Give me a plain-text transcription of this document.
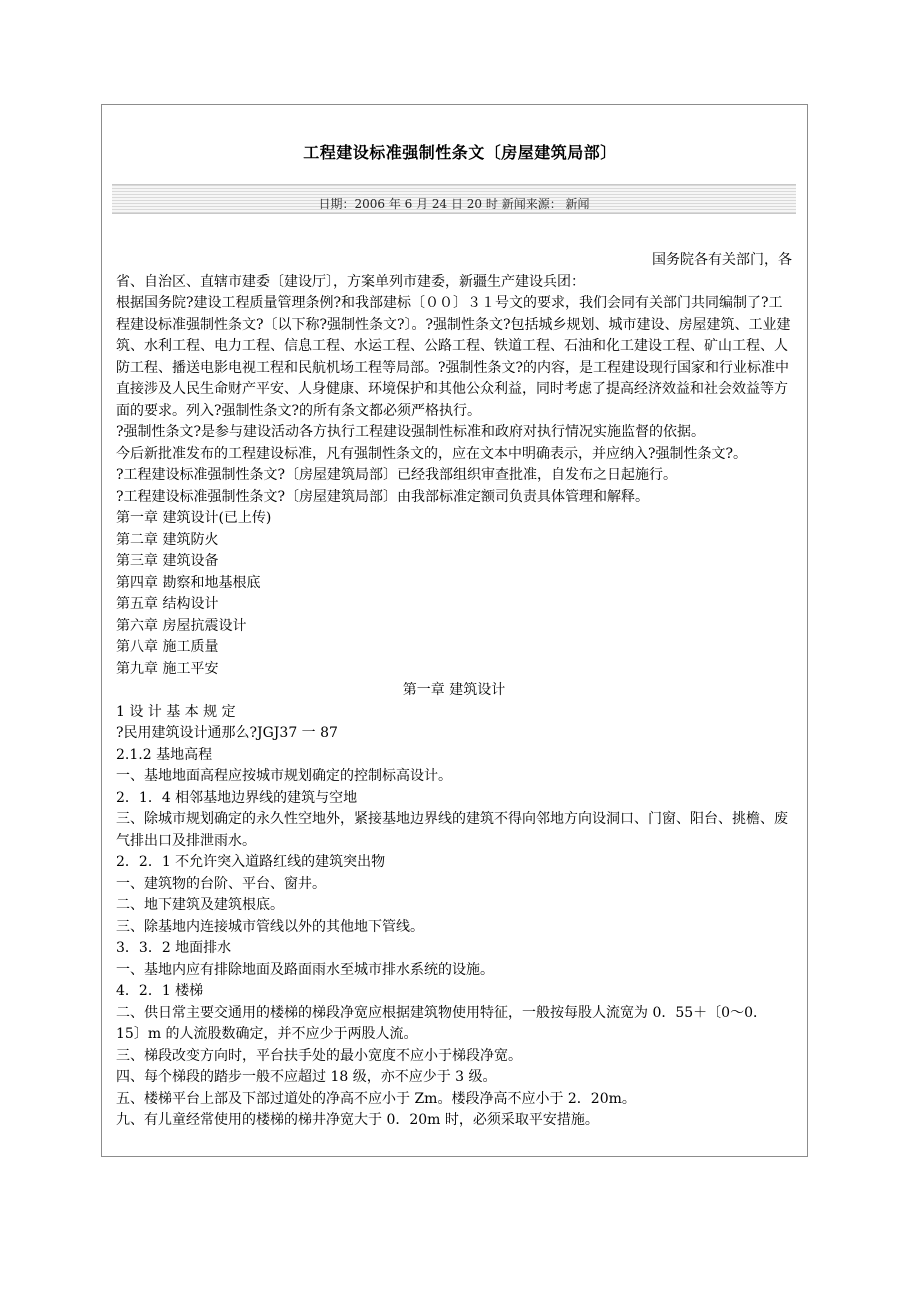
工程建设标准强制性条文〔房屋建筑局部〕
日期：2006 年 6 月 24 日 20 时 新闻来源： 新闻

国务院各有关部门，各

省、自治区、直辖市建委〔建设厅〕，方案单列市建委，新疆生产建设兵团：

根据国务院?建设工程质量管理条例?和我部建标〔００〕３１号文的要求，我们会同有关部门共同编制了?工程建设标准强制性条文?〔以下称?强制性条文?〕。?强制性条文?包括城乡规划、城市建设、房屋建筑、工业建筑、水利工程、电力工程、信息工程、水运工程、公路工程、铁道工程、石油和化工建设工程、矿山工程、人防工程、播送电影电视工程和民航机场工程等局部。?强制性条文?的内容，是工程建设现行国家和行业标准中直接涉及人民生命财产平安、人身健康、环境保护和其他公众利益，同时考虑了提高经济效益和社会效益等方面的要求。列入?强制性条文?的所有条文都必须严格执行。

?强制性条文?是参与建设活动各方执行工程建设强制性标准和政府对执行情况实施监督的依据。

今后新批准发布的工程建设标准，凡有强制性条文的，应在文本中明确表示，并应纳入?强制性条文?。

?工程建设标准强制性条文?〔房屋建筑局部〕已经我部组织审查批准，自发布之日起施行。

?工程建设标准强制性条文?〔房屋建筑局部〕由我部标准定额司负责具体管理和解释。

第一章 建筑设计(已上传)

第二章 建筑防火

第三章 建筑设备

第四章 勘察和地基根底

第五章 结构设计

第六章 房屋抗震设计

第八章 施工质量

第九章 施工平安

第一章 建筑设计

1 设 计 基 本 规 定

?民用建筑设计通那么?JGJ37 一 87

2.1.2 基地高程

一、基地地面高程应按城市规划确定的控制标高设计。

2．1．4 相邻基地边界线的建筑与空地

三、除城市规划确定的永久性空地外，紧接基地边界线的建筑不得向邻地方向设洞口、门窗、阳台、挑檐、废气排出口及排泄雨水。

2．2．1 不允许突入道路红线的建筑突出物

一、建筑物的台阶、平台、窗井。

二、地下建筑及建筑根底。

三、除基地内连接城市管线以外的其他地下管线。

3．3．2 地面排水

一、基地内应有排除地面及路面雨水至城市排水系统的设施。

4．2．1 楼梯

二、供日常主要交通用的楼梯的梯段净宽应根据建筑物使用特征，一般按每股人流宽为 0．55＋〔0～0． 15〕m 的人流股数确定，并不应少于两股人流。

三、梯段改变方向时，平台扶手处的最小宽度不应小于梯段净宽。

四、每个梯段的踏步一般不应超过 18 级，亦不应少于 3 级。

五、楼梯平台上部及下部过道处的净高不应小于 Zm。楼段净高不应小于 2．20m。

九、有儿童经常使用的楼梯的梯井净宽大于 0．20m 时，必须采取平安措施。
